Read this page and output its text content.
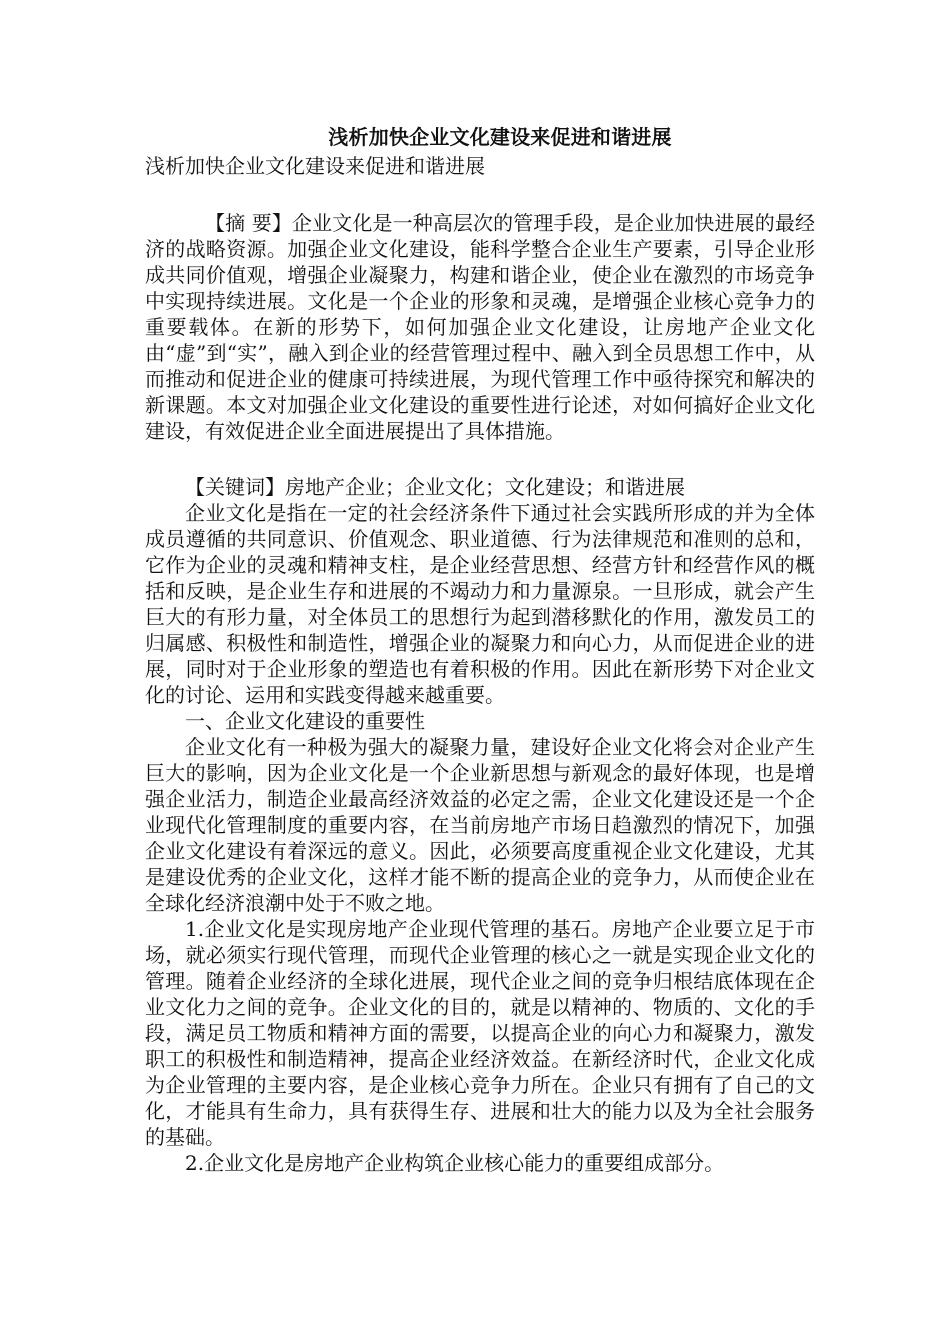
浅析加快企业文化建设来促进和谐进展

浅析加快企业文化建设来促进和谐进展

【摘 要】企业文化是一种高层次的管理手段，是企业加快进展的最经济的战略资源。加强企业文化建设，能科学整合企业生产要素，引导企业形成共同价值观，增强企业凝聚力，构建和谐企业，使企业在激烈的市场竞争中实现持续进展。文化是一个企业的形象和灵魂，是增强企业核心竞争力的重要载体。在新的形势下，如何加强企业文化建设，让房地产企业文化由“虚”到“实”，融入到企业的经营管理过程中、融入到全员思想工作中，从而推动和促进企业的健康可持续进展，为现代管理工作中亟待探究和解决的新课题。本文对加强企业文化建设的重要性进行论述，对如何搞好企业文化建设，有效促进企业全面进展提出了具体措施。

【关键词】房地产企业；企业文化；文化建设；和谐进展

企业文化是指在一定的社会经济条件下通过社会实践所形成的并为全体成员遵循的共同意识、价值观念、职业道德、行为法律规范和准则的总和，它作为企业的灵魂和精神支柱，是企业经营思想、经营方针和经营作风的概括和反映，是企业生存和进展的不竭动力和力量源泉。一旦形成，就会产生巨大的有形力量，对全体员工的思想行为起到潜移默化的作用，激发员工的归属感、积极性和制造性，增强企业的凝聚力和向心力，从而促进企业的进展，同时对于企业形象的塑造也有着积极的作用。因此在新形势下对企业文化的讨论、运用和实践变得越来越重要。

一、企业文化建设的重要性

企业文化有一种极为强大的凝聚力量，建设好企业文化将会对企业产生巨大的影响，因为企业文化是一个企业新思想与新观念的最好体现，也是增强企业活力，制造企业最高经济效益的必定之需，企业文化建设还是一个企业现代化管理制度的重要内容，在当前房地产市场日趋激烈的情况下，加强企业文化建设有着深远的意义。因此，必须要高度重视企业文化建设，尤其是建设优秀的企业文化，这样才能不断的提高企业的竞争力，从而使企业在全球化经济浪潮中处于不败之地。

1.企业文化是实现房地产企业现代管理的基石。房地产企业要立足于市场，就必须实行现代管理，而现代企业管理的核心之一就是实现企业文化的管理。随着企业经济的全球化进展，现代企业之间的竞争归根结底体现在企业文化力之间的竞争。企业文化的目的，就是以精神的、物质的、文化的手段，满足员工物质和精神方面的需要，以提高企业的向心力和凝聚力，激发职工的积极性和制造精神，提高企业经济效益。在新经济时代，企业文化成为企业管理的主要内容，是企业核心竞争力所在。企业只有拥有了自己的文化，才能具有生命力，具有获得生存、进展和壮大的能力以及为全社会服务的基础。

2.企业文化是房地产企业构筑企业核心能力的重要组成部分。
